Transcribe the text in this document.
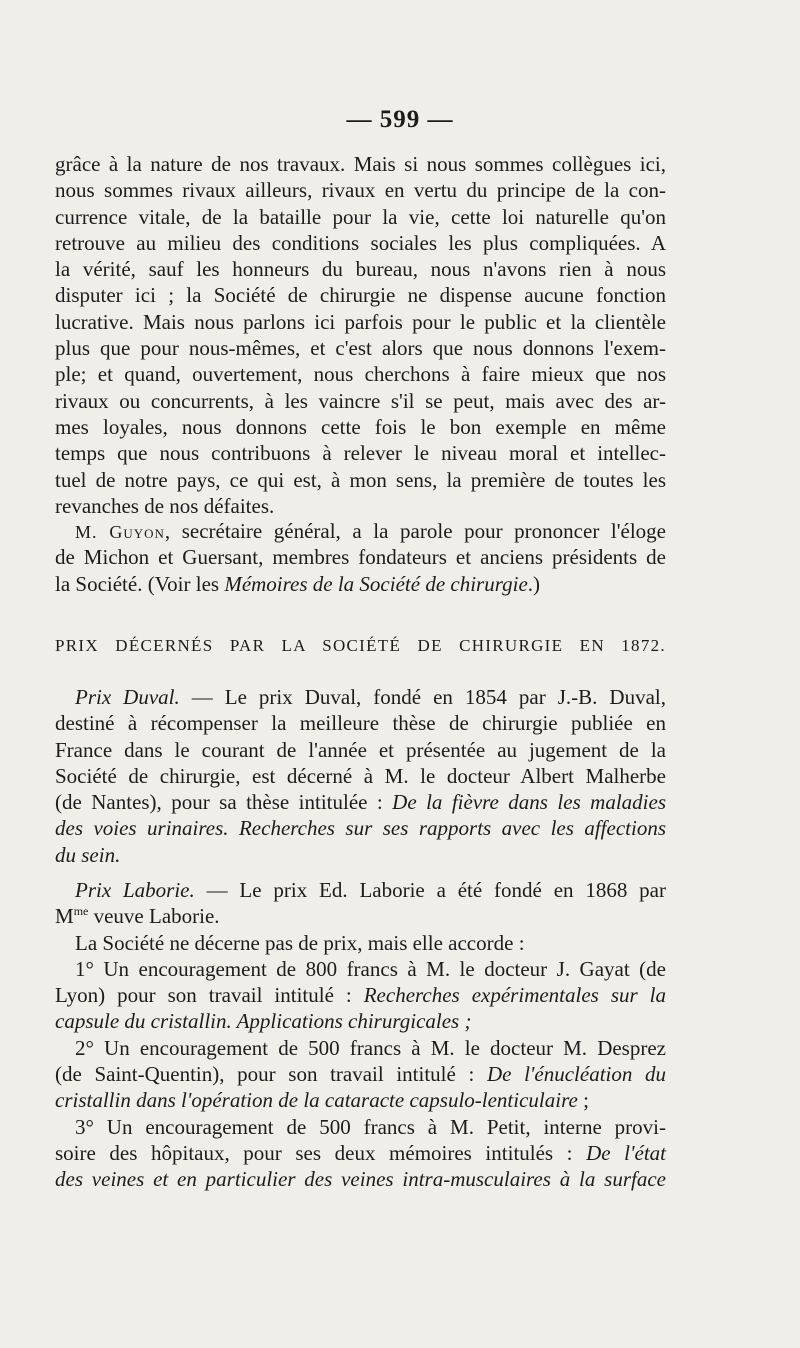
— 599 —
grâce à la nature de nos travaux. Mais si nous sommes collègues ici,
nous sommes rivaux ailleurs, rivaux en vertu du principe de la con-
currence vitale, de la bataille pour la vie, cette loi naturelle qu'on
retrouve au milieu des conditions sociales les plus compliquées. A
la vérité, sauf les honneurs du bureau, nous n'avons rien à nous
disputer ici ; la Société de chirurgie ne dispense aucune fonction
lucrative. Mais nous parlons ici parfois pour le public et la clientèle
plus que pour nous-mêmes, et c'est alors que nous donnons l'exem-
ple; et quand, ouvertement, nous cherchons à faire mieux que nos
rivaux ou concurrents, à les vaincre s'il se peut, mais avec des ar-
mes loyales, nous donnons cette fois le bon exemple en même
temps que nous contribuons à relever le niveau moral et intellec-
tuel de notre pays, ce qui est, à mon sens, la première de toutes les
revanches de nos défaites.
M. Guyon, secrétaire général, a la parole pour prononcer l'éloge
de Michon et Guersant, membres fondateurs et anciens présidents de
la Société. (Voir les Mémoires de la Société de chirurgie.)
PRIX DÉCERNÉS PAR LA SOCIÉTÉ DE CHIRURGIE EN 1872.
Prix Duval. — Le prix Duval, fondé en 1854 par J.-B. Duval,
destiné à récompenser la meilleure thèse de chirurgie publiée en
France dans le courant de l'année et présentée au jugement de la
Société de chirurgie, est décerné à M. le docteur Albert Malherbe
(de Nantes), pour sa thèse intitulée : De la fièvre dans les maladies
des voies urinaires. Recherches sur ses rapports avec les affections
du sein.
Prix Laborie. — Le prix Ed. Laborie a été fondé en 1868 par
$M^{me}$ veuve Laborie.
La Société ne décerne pas de prix, mais elle accorde :
1° Un encouragement de 800 francs à M. le docteur J. Gayat (de
Lyon) pour son travail intitulé : Recherches expérimentales sur la
capsule du cristallin. Applications chirurgicales ;
2° Un encouragement de 500 francs à M. le docteur M. Desprez
(de Saint-Quentin), pour son travail intitulé : De l'énucléation du
cristallin dans l'opération de la cataracte capsulo-lenticulaire ;
3° Un encouragement de 500 francs à M. Petit, interne provi-
soire des hôpitaux, pour ses deux mémoires intitulés : De l'état
des veines et en particulier des veines intra-musculaires à la surface
